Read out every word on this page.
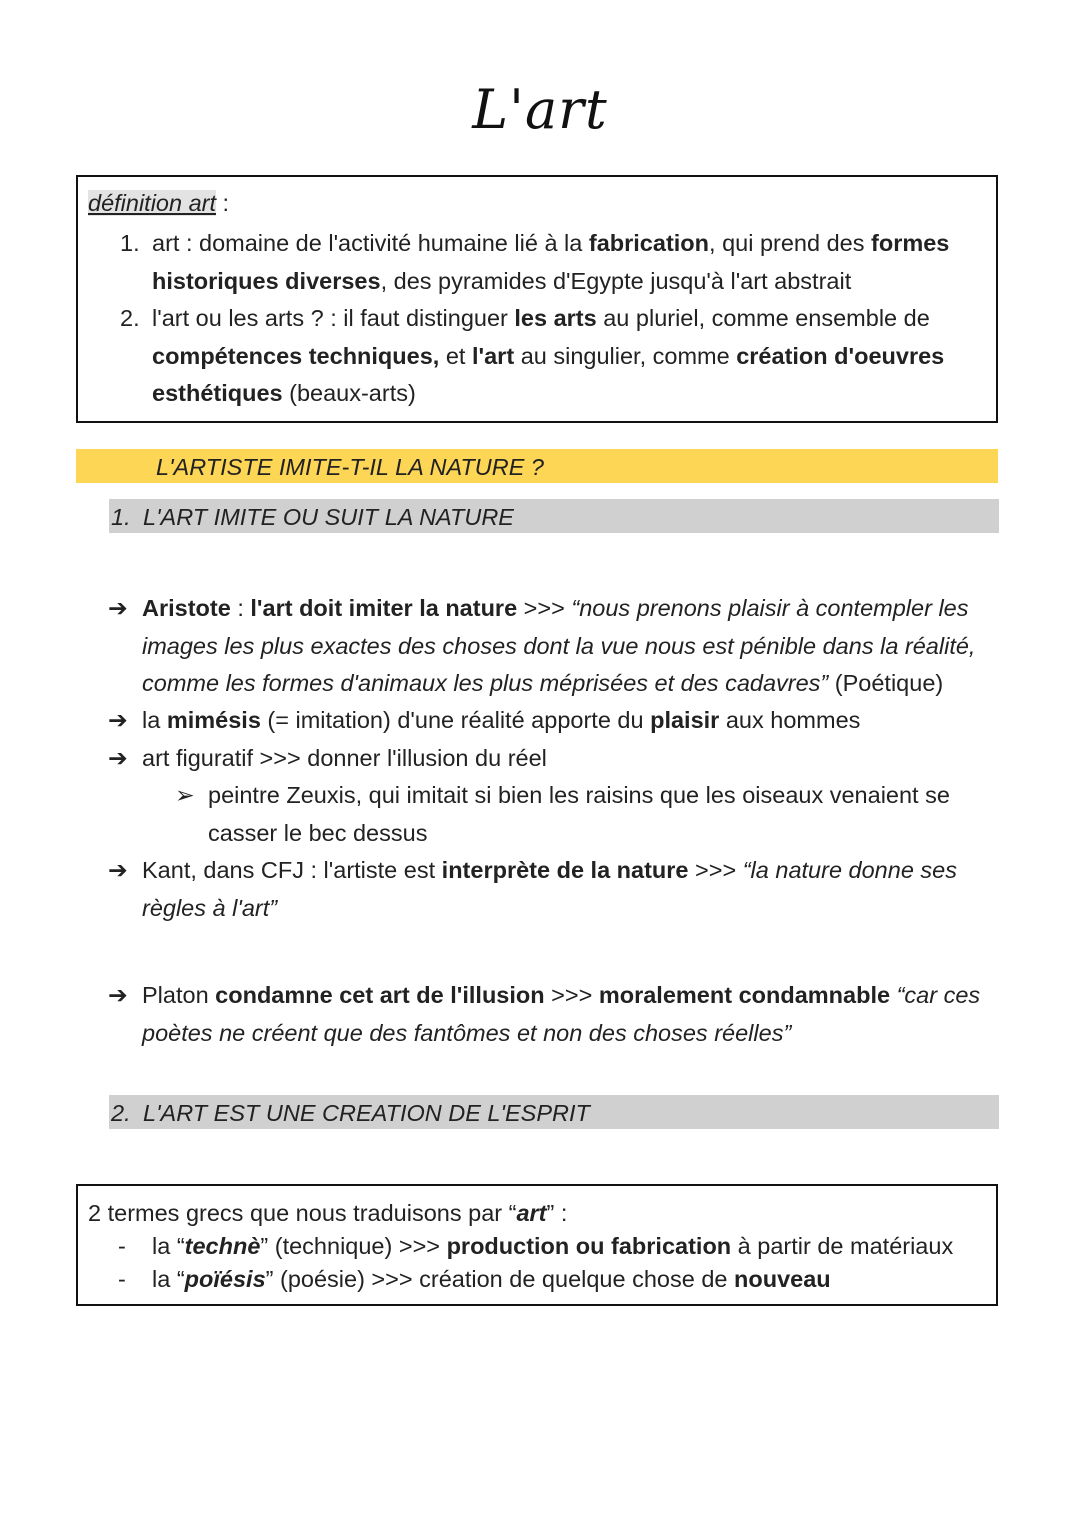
L'art
définition art :
1. art : domaine de l'activité humaine lié à la fabrication, qui prend des formes historiques diverses, des pyramides d'Egypte jusqu'à l'art abstrait
2. l'art ou les arts ? : il faut distinguer les arts au pluriel, comme ensemble de compétences techniques, et l'art au singulier, comme création d'oeuvres esthétiques (beaux-arts)
L'ARTISTE IMITE-T-IL LA NATURE ?
1. L'ART IMITE OU SUIT LA NATURE
➔ Aristote : l'art doit imiter la nature >>> “nous prenons plaisir à contempler les images les plus exactes des choses dont la vue nous est pénible dans la réalité, comme les formes d'animaux les plus méprisées et des cadavres” (Poétique)
➔ la mimésis (= imitation) d'une réalité apporte du plaisir aux hommes
➔ art figuratif >>> donner l'illusion du réel
➢ peintre Zeuxis, qui imitait si bien les raisins que les oiseaux venaient se casser le bec dessus
➔ Kant, dans CFJ : l'artiste est interprète de la nature >>> “la nature donne ses règles à l'art”
➔ Platon condamne cet art de l'illusion >>> moralement condamnable “car ces poètes ne créent que des fantômes et non des choses réelles”
2. L'ART EST UNE CREATION DE L'ESPRIT
2 termes grecs que nous traduisons par “art” :
- la “technè” (technique) >>> production ou fabrication à partir de matériaux
- la “poïésis” (poésie) >>> création de quelque chose de nouveau
